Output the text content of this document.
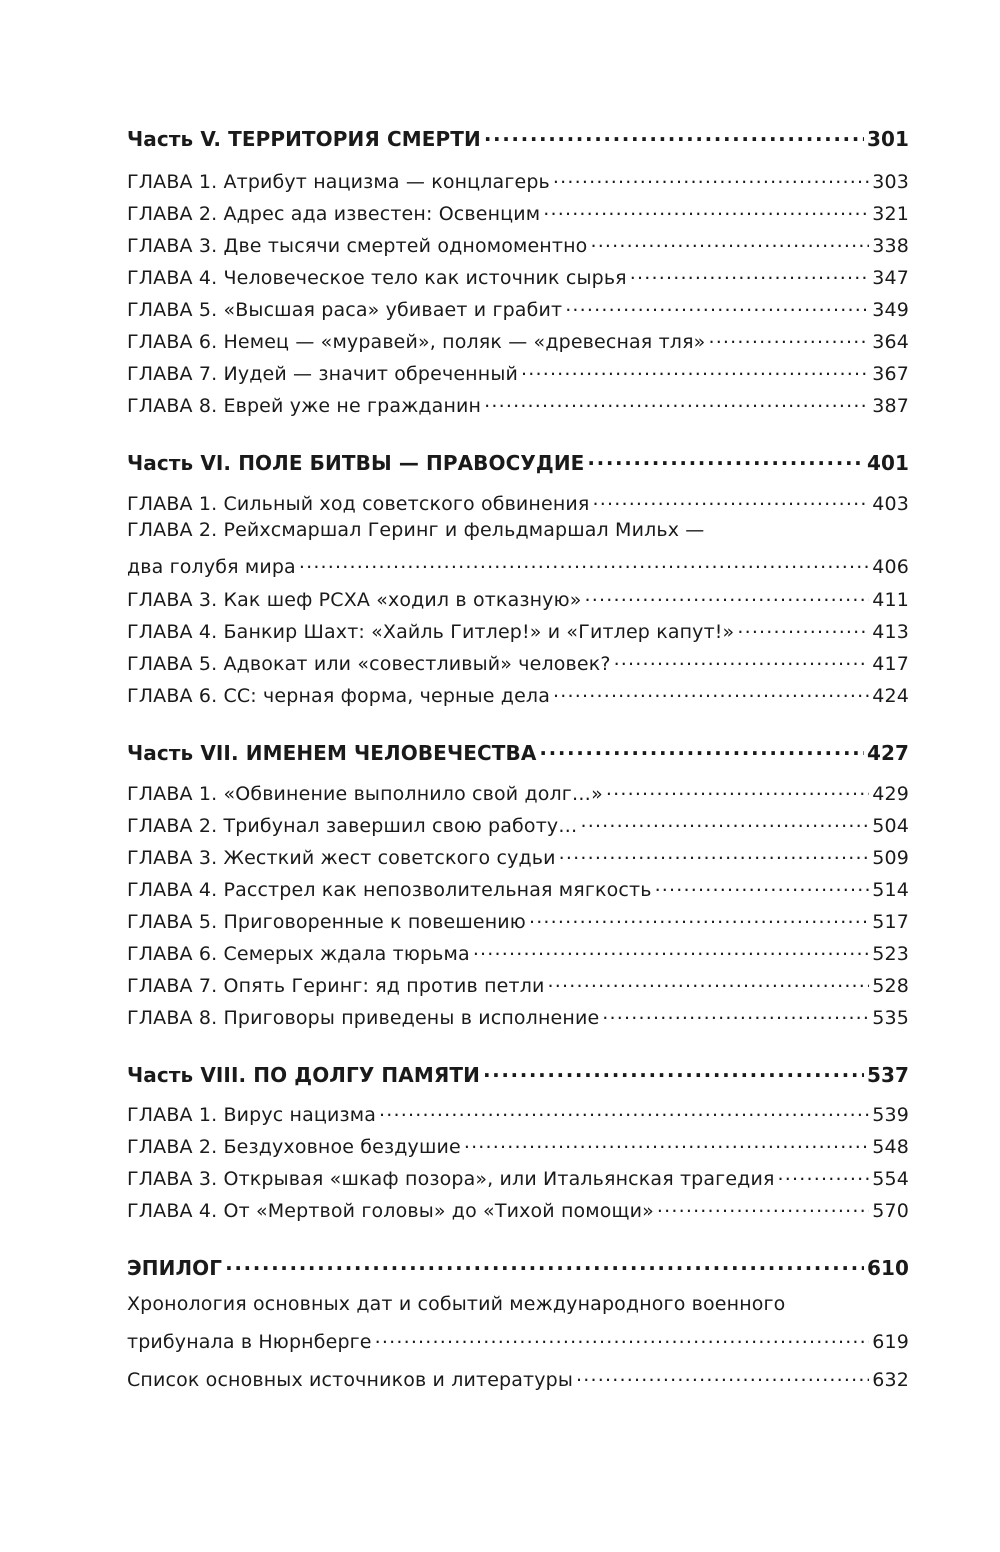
Часть V. ТЕРРИТОРИЯ СМЕРТИ .....	301
ГЛАВА 1. Атрибут нацизма — концлагерь .....	303
ГЛАВА 2. Адрес ада известен: Освенцим .....	321
ГЛАВА 3. Две тысячи смертей одномоментно .....	338
ГЛАВА 4. Человеческое тело как источник сырья .....	347
ГЛАВА 5. «Высшая раса» убивает и грабит .....	349
ГЛАВА 6. Немец — «муравей», поляк — «древесная тля» .....	364
ГЛАВА 7. Иудей — значит обреченный .....	367
ГЛАВА 8. Еврей уже не гражданин .....	387
Часть VI. ПОЛЕ БИТВЫ — ПРАВОСУДИЕ .....	401
ГЛАВА 1. Сильный ход советского обвинения .....	403
ГЛАВА 2. Рейхсмаршал Геринг и фельдмаршал Мильх —
два голубя мира .....	406
ГЛАВА 3. Как шеф РСХА «ходил в отказную» .....	411
ГЛАВА 4. Банкир Шахт: «Хайль Гитлер!» и «Гитлер капут!» .....	413
ГЛАВА 5. Адвокат или «совестливый» человек? .....	417
ГЛАВА 6. СС: черная форма, черные дела .....	424
Часть VII. ИМЕНЕМ ЧЕЛОВЕЧЕСТВА .....	427
ГЛАВА 1. «Обвинение выполнило свой долг…» .....	429
ГЛАВА 2. Трибунал завершил свою работу… .....	504
ГЛАВА 3. Жесткий жест советского судьи .....	509
ГЛАВА 4. Расстрел как непозволительная мягкость .....	514
ГЛАВА 5. Приговоренные к повешению .....	517
ГЛАВА 6. Семерых ждала тюрьма .....	523
ГЛАВА 7. Опять Геринг: яд против петли .....	528
ГЛАВА 8. Приговоры приведены в исполнение .....	535
Часть VIII. ПО ДОЛГУ ПАМЯТИ .....	537
ГЛАВА 1. Вирус нацизма .....	539
ГЛАВА 2. Бездуховное бездушие .....	548
ГЛАВА 3. Открывая «шкаф позора», или Итальянская трагедия .....	554
ГЛАВА 4. От «Мертвой головы» до «Тихой помощи» .....	570
ЭПИЛОГ .....	610
Хронология основных дат и событий международного военного
трибунала в Нюрнберге .....	619
Список основных источников и литературы .....	632
